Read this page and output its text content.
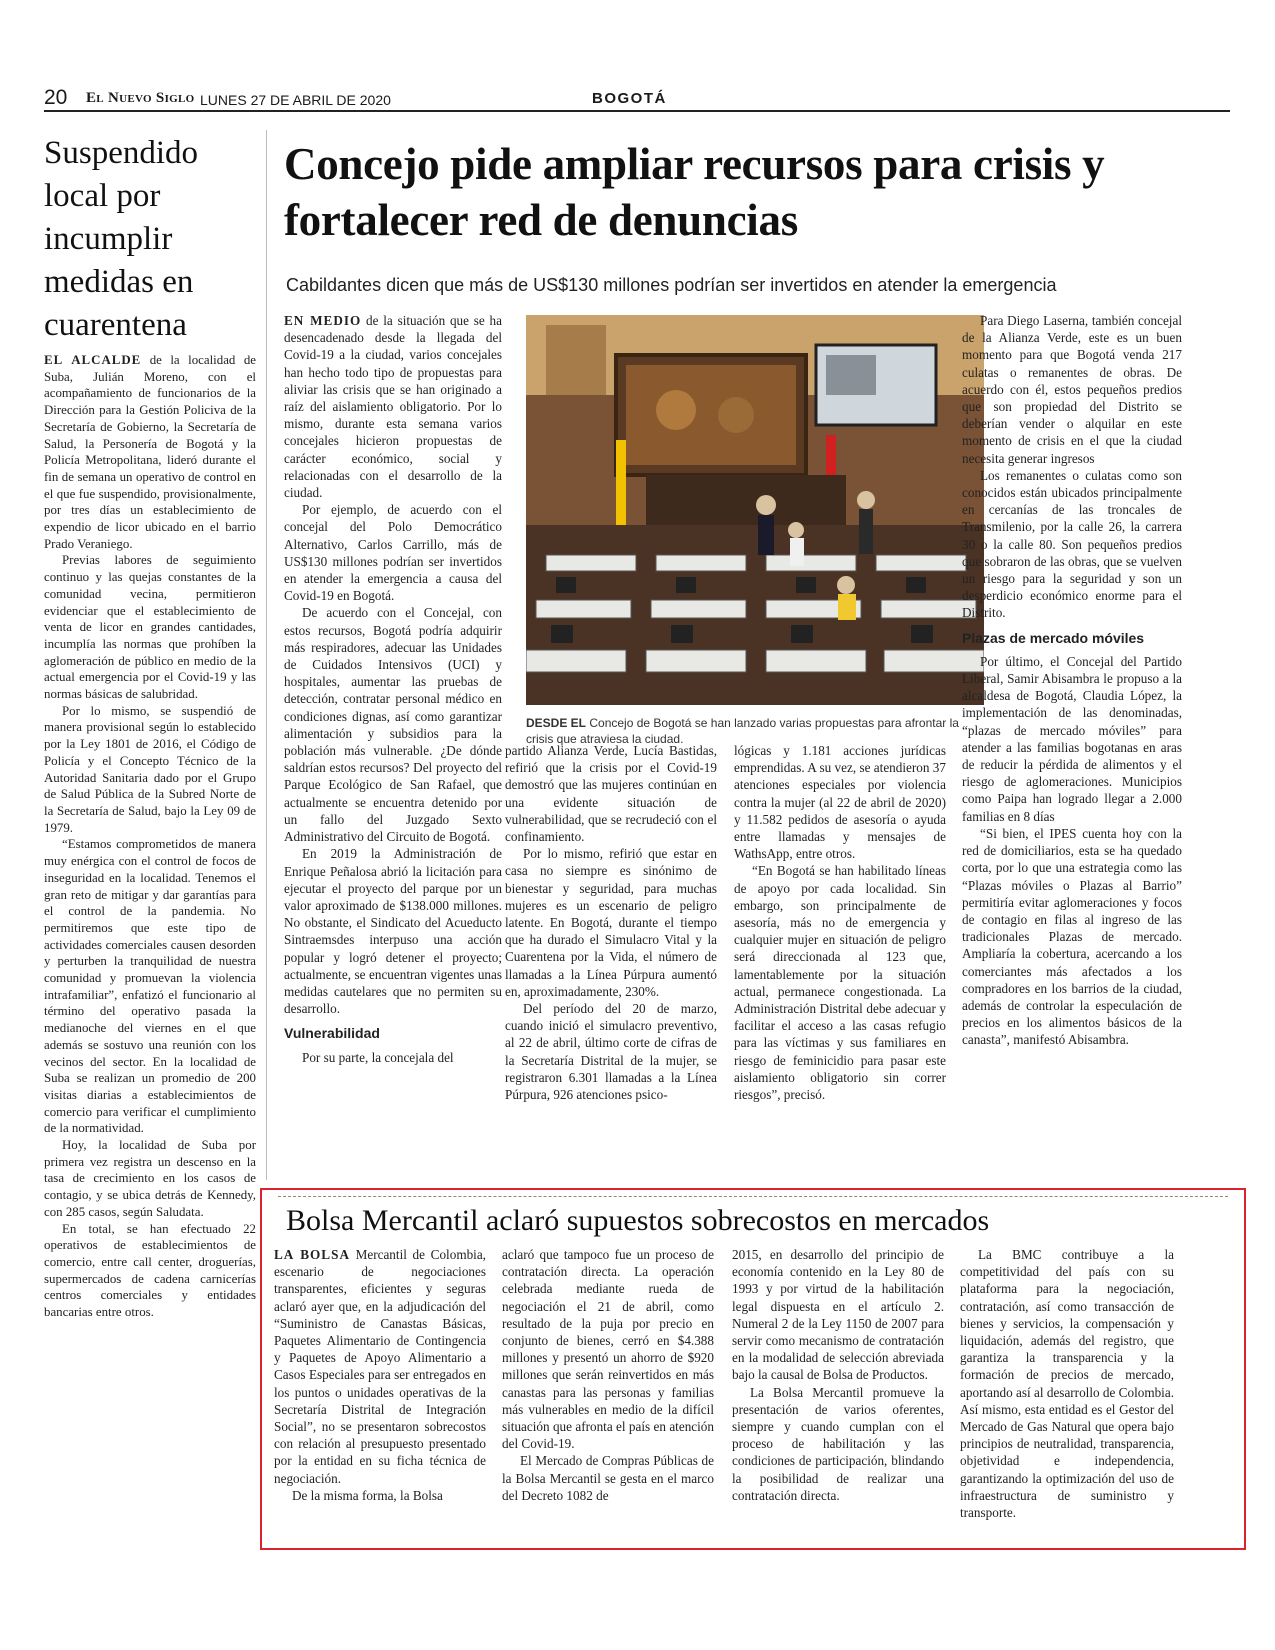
20 El Nuevo Siglo LUNES 27 DE ABRIL DE 2020	BOGOTÁ
Suspendido local por incumplir medidas en cuarentena

EL ALCALDE de la localidad de Suba, Julián Moreno, con el acompañamiento de funcionarios de la Dirección para la Gestión Policiva de la Secretaría de Gobierno, la Secretaría de Salud, la Personería de Bogotá y la Policía Metropolitana, lideró durante el fin de semana un operativo de control en el que fue suspendido, provisionalmente, por tres días un establecimiento de expendio de licor ubicado en el barrio Prado Veraniego.

Previas labores de seguimiento continuo y las quejas constantes de la comunidad vecina, permitieron evidenciar que el establecimiento de venta de licor en grandes cantidades, incumplía las normas que prohíben la aglomeración de público en medio de la actual emergencia por el Covid-19 y las normas básicas de salubridad.

Por lo mismo, se suspendió de manera provisional según lo establecido por la Ley 1801 de 2016, el Código de Policía y el Concepto Técnico de la Autoridad Sanitaria dado por el Grupo de Salud Pública de la Subred Norte de la Secretaría de Salud, bajo la Ley 09 de 1979.

“Estamos comprometidos de manera muy enérgica con el control de focos de inseguridad en la localidad. Tenemos el gran reto de mitigar y dar garantías para el control de la pandemia. No permitiremos que este tipo de actividades comerciales causen desorden y perturben la tranquilidad de nuestra comunidad y promuevan la violencia intrafamiliar”, enfatizó el funcionario al término del operativo pasada la medianoche del viernes en el que además se sostuvo una reunión con los vecinos del sector. En la localidad de Suba se realizan un promedio de 200 visitas diarias a establecimientos de comercio para verificar el cumplimiento de la normatividad.

Hoy, la localidad de Suba por primera vez registra un descenso en la tasa de crecimiento en los casos de contagio, y se ubica detrás de Kennedy, con 285 casos, según Saludata.

En total, se han efectuado 22 operativos de establecimientos de comercio, entre call center, droguerías, supermercados de cadena carnicerías centros comerciales y entidades bancarias entre otros.

Concejo pide ampliar recursos para crisis y fortalecer red de denuncias
Cabildantes dicen que más de US$130 millones podrían ser invertidos en atender la emergencia

EN MEDIO de la situación que se ha desencadenado desde la llegada del Covid-19 a la ciudad, varios concejales han hecho todo tipo de propuestas para aliviar las crisis que se han originado a raíz del aislamiento obligatorio. Por lo mismo, durante esta semana varios concejales hicieron propuestas de carácter económico, social y relacionadas con el desarrollo de la ciudad.

Por ejemplo, de acuerdo con el concejal del Polo Democrático Alternativo, Carlos Carrillo, más de US$130 millones podrían ser invertidos en atender la emergencia a causa del Covid-19 en Bogotá.

De acuerdo con el Concejal, con estos recursos, Bogotá podría adquirir más respiradores, adecuar las Unidades de Cuidados Intensivos (UCI) y hospitales, aumentar las pruebas de detección, contratar personal médico en condiciones dignas, así como garantizar alimentación y subsidios para la población más vulnerable. ¿De dónde saldrían estos recursos? Del proyecto del Parque Ecológico de San Rafael, que actualmente se encuentra detenido por un fallo del Juzgado Sexto Administrativo del Circuito de Bogotá.

En 2019 la Administración de Enrique Peñalosa abrió la licitación para ejecutar el proyecto del parque por un valor aproximado de $138.000 millones. No obstante, el Sindicato del Acueducto Sintraemsdes interpuso una acción popular y logró detener el proyecto; actualmente, se encuentran vigentes unas medidas cautelares que no permiten su desarrollo.

Vulnerabilidad

Por su parte, la concejala del

DESDE EL Concejo de Bogotá se han lanzado varias propuestas para afrontar la crisis que atraviesa la ciudad.

partido Alianza Verde, Lucía Bastidas, refirió que la crisis por el Covid-19 demostró que las mujeres continúan en una evidente situación de vulnerabilidad, que se recrudeció con el confinamiento.

Por lo mismo, refirió que estar en casa no siempre es sinónimo de bienestar y seguridad, para muchas mujeres es un escenario de peligro latente. En Bogotá, durante el tiempo que ha durado el Simulacro Vital y la Cuarentena por la Vida, el número de llamadas a la Línea Púrpura aumentó en, aproximadamente, 230%.

Del período del 20 de marzo, cuando inició el simulacro preventivo, al 22 de abril, último corte de cifras de la Secretaría Distrital de la mujer, se registraron 6.301 llamadas a la Línea Púrpura, 926 atenciones psico-

lógicas y 1.181 acciones jurídicas emprendidas. A su vez, se atendieron 37 atenciones especiales por violencia contra la mujer (al 22 de abril de 2020) y 11.582 pedidos de asesoría o ayuda entre llamadas y mensajes de WathsApp, entre otros.

“En Bogotá se han habilitado líneas de apoyo por cada localidad. Sin embargo, son principalmente de asesoría, más no de emergencia y cualquier mujer en situación de peligro será direccionada al 123 que, lamentablemente por la situación actual, permanece congestionada. La Administración Distrital debe adecuar y facilitar el acceso a las casas refugio para las víctimas y sus familiares en riesgo de feminicidio para pasar este aislamiento obligatorio sin correr riesgos”, precisó.

Para Diego Laserna, también concejal de la Alianza Verde, este es un buen momento para que Bogotá venda 217 culatas o remanentes de obras. De acuerdo con él, estos pequeños predios que son propiedad del Distrito se deberían vender o alquilar en este momento de crisis en el que la ciudad necesita generar ingresos

Los remanentes o culatas como son conocidos están ubicados principalmente en cercanías de las troncales de Transmilenio, por la calle 26, la carrera 30 o la calle 80. Son pequeños predios que sobraron de las obras, que se vuelven un riesgo para la seguridad y son un desperdicio económico enorme para el Distrito.

Plazas de mercado móviles

Por último, el Concejal del Partido Liberal, Samir Abisambra le propuso a la alcaldesa de Bogotá, Claudia López, la implementación de las denominadas, “plazas de mercado móviles” para atender a las familias bogotanas en aras de reducir la pérdida de alimentos y el riesgo de aglomeraciones. Municipios como Paipa han logrado llegar a 2.000 familias en 8 días

“Si bien, el IPES cuenta hoy con la red de domiciliarios, esta se ha quedado corta, por lo que una estrategia como las “Plazas móviles o Plazas al Barrio” permitiría evitar aglomeraciones y focos de contagio en filas al ingreso de las tradicionales Plazas de mercado. Ampliaría la cobertura, acercando a los comerciantes más afectados a los compradores en los barrios de la ciudad, además de controlar la especulación de precios en los alimentos básicos de la canasta”, manifestó Abisambra.

Bolsa Mercantil aclaró supuestos sobrecostos en mercados

LA BOLSA Mercantil de Colombia, escenario de negociaciones transparentes, eficientes y seguras aclaró ayer que, en la adjudicación del “Suministro de Canastas Básicas, Paquetes Alimentario de Contingencia y Paquetes de Apoyo Alimentario a Casos Especiales para ser entregados en los puntos o unidades operativas de la Secretaría Distrital de Integración Social”, no se presentaron sobrecostos con relación al presupuesto presentado por la entidad en su ficha técnica de negociación.

De la misma forma, la Bolsa

aclaró que tampoco fue un proceso de contratación directa. La operación celebrada mediante rueda de negociación el 21 de abril, como resultado de la puja por precio en conjunto de bienes, cerró en $4.388 millones y presentó un ahorro de $920 millones que serán reinvertidos en más canastas para las personas y familias más vulnerables en medio de la difícil situación que afronta el país en atención del Covid-19.

El Mercado de Compras Públicas de la Bolsa Mercantil se gesta en el marco del Decreto 1082 de

2015, en desarrollo del principio de economía contenido en la Ley 80 de 1993 y por virtud de la habilitación legal dispuesta en el artículo 2. Numeral 2 de la Ley 1150 de 2007 para servir como mecanismo de contratación en la modalidad de selección abreviada bajo la causal de Bolsa de Productos.

La Bolsa Mercantil promueve la presentación de varios oferentes, siempre y cuando cumplan con el proceso de habilitación y las condiciones de participación, blindando la posibilidad de realizar una contratación directa.

La BMC contribuye a la competitividad del país con su plataforma para la negociación, contratación, así como transacción de bienes y servicios, la compensación y liquidación, además del registro, que garantiza la transparencia y la formación de precios de mercado, aportando así al desarrollo de Colombia. Así mismo, esta entidad es el Gestor del Mercado de Gas Natural que opera bajo principios de neutralidad, transparencia, objetividad e independencia, garantizando la optimización del uso de infraestructura de suministro y transporte.
